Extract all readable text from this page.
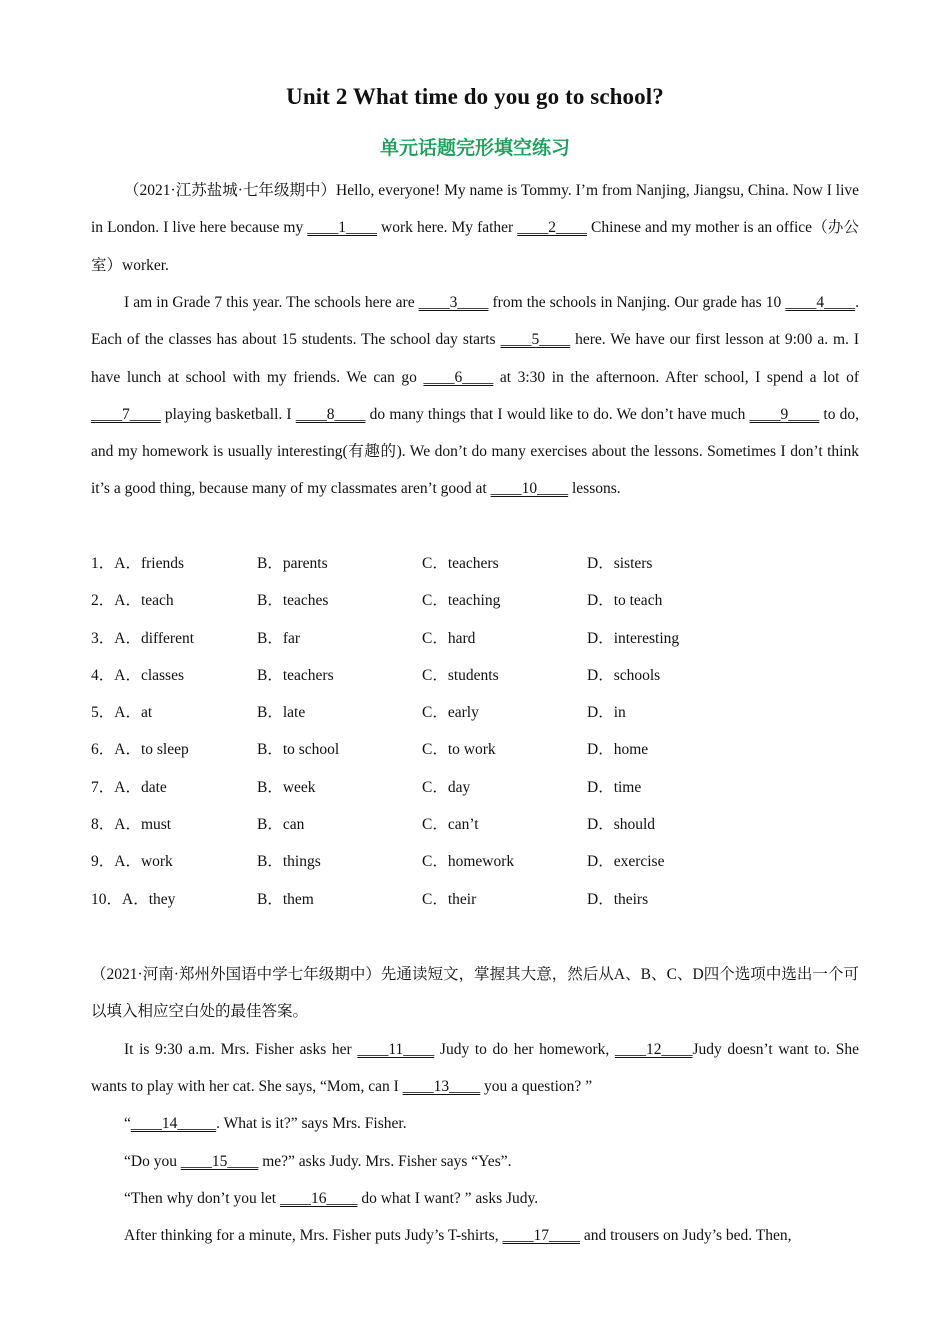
Unit 2 What time do you go to school?
单元话题完形填空练习

（2021·江苏盐城·七年级期中）Hello, everyone! My name is Tommy. I’m from Nanjing, Jiangsu, China. Now I live in London. I live here because my ____1____ work here. My father ____2____ Chinese and my mother is an office（办公室）worker.

I am in Grade 7 this year. The schools here are ____3____ from the schools in Nanjing. Our grade has 10 ____4____. Each of the classes has about 15 students. The school day starts ____5____ here. We have our first lesson at 9:00 a. m. I have lunch at school with my friends. We can go ____6____ at 3:30 in the afternoon. After school, I spend a lot of ____7____ playing basketball. I ____8____ do many things that I would like to do. We don’t have much ____9____ to do, and my homework is usually interesting(有趣的). We don’t do many exercises about the lessons. Sometimes I don’t think it’s a good thing, because many of my classmates aren’t good at ____10____ lessons.

1．A．friends	B．parents	C．teachers	D．sisters
2．A．teach	B．teaches	C．teaching	D．to teach
3．A．different	B．far	C．hard	D．interesting
4．A．classes	B．teachers	C．students	D．schools
5．A．at	B．late	C．early	D．in
6．A．to sleep	B．to school	C．to work	D．home
7．A．date	B．week	C．day	D．time
8．A．must	B．can	C．can’t	D．should
9．A．work	B．things	C．homework	D．exercise
10．A．they	B．them	C．their	D．theirs

（2021·河南·郑州外国语中学七年级期中）先通读短文，掌握其大意，然后从A、B、C、D四个选项中选出一个可以填入相应空白处的最佳答案。

It is 9:30 a.m. Mrs. Fisher asks her ____11____ Judy to do her homework, ____12____Judy doesn’t want to. She wants to play with her cat. She says, “Mom, can I ____13____ you a question? ”

“____14_____. What is it?” says Mrs. Fisher.

“Do you ____15____ me?” asks Judy. Mrs. Fisher says “Yes”.

“Then why don’t you let ____16____ do what I want? ” asks Judy.

After thinking for a minute, Mrs. Fisher puts Judy’s T-shirts, ____17____ and trousers on Judy’s bed. Then,
